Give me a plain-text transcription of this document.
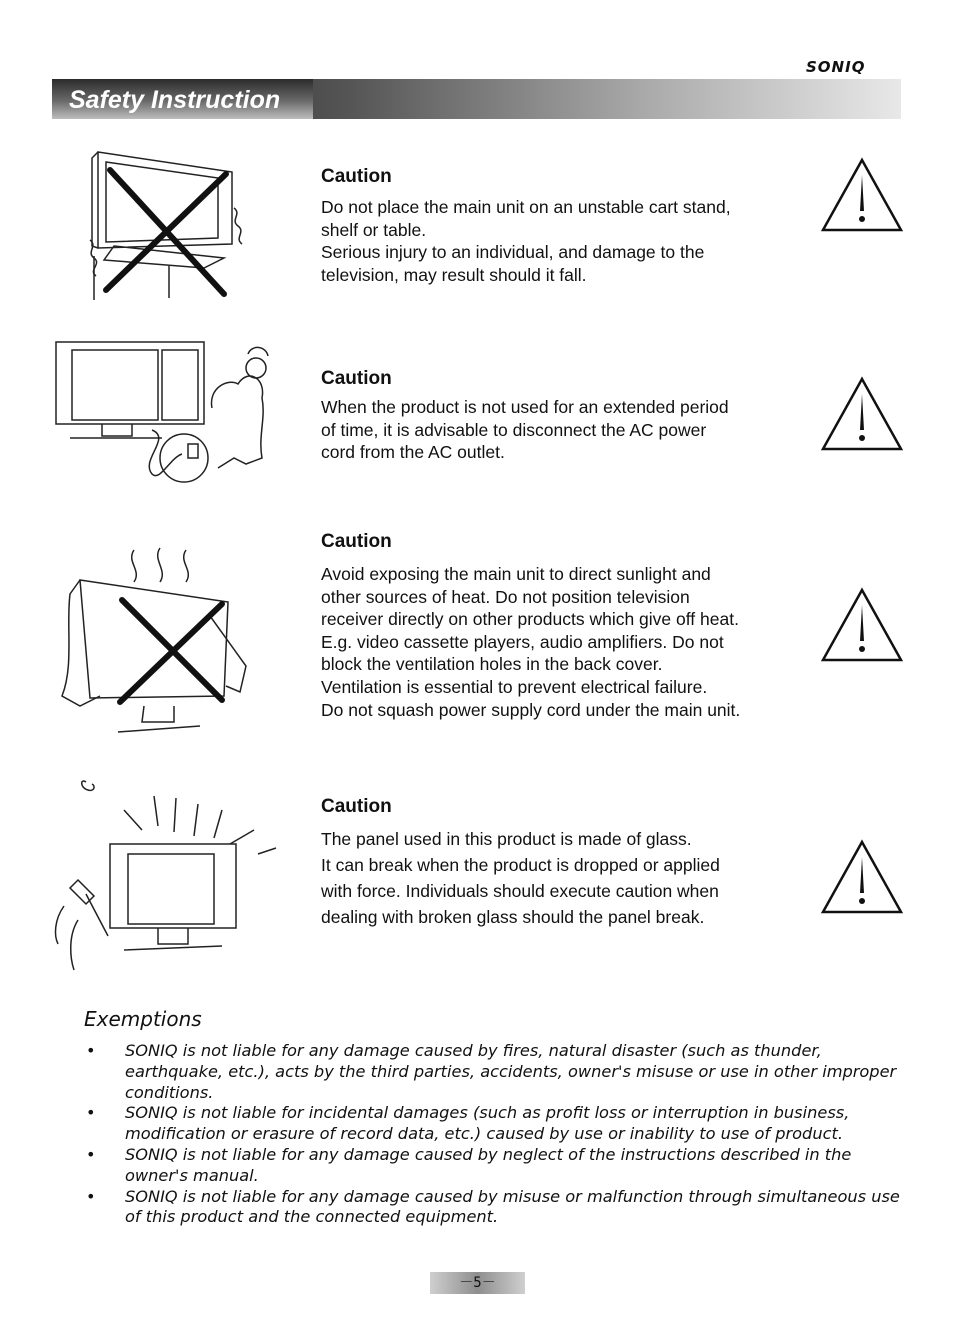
SONIQ
Safety Instruction
Caution

Do not place the main unit on an unstable cart stand,

shelf or table.

Serious injury to an individual, and damage to the

television, may result should it fall.

Caution

When the product is not used for an extended period

of time, it is advisable to disconnect the AC power

cord from the AC outlet.

Caution

Avoid exposing the main unit to direct sunlight and

other sources of heat. Do not position television

receiver directly on other products which give off heat.

E.g. video cassette players, audio amplifiers. Do not

block the ventilation holes in the back cover.

Ventilation is essential to prevent electrical failure.

Do not squash power supply cord under the main unit.

Caution

The panel used in this product is made of glass.

It can break when the product is dropped or applied

with force. Individuals should execute caution when

dealing with broken glass should the panel break.

Exemptions
• SONIQ is not liable for any damage caused by fires, natural disaster (such as thunder, earthquake, etc.), acts by the third parties, accidents, owner's misuse or use in other improper conditions.
• SONIQ is not liable for incidental damages (such as profit loss or interruption in business, modification or erasure of record data, etc.) caused by use or inability to use of product.
• SONIQ is not liable for any damage caused by neglect of the instructions described in the owner's manual.
• SONIQ is not liable for any damage caused by misuse or malfunction through simultaneous use of this product and the connected equipment.
－5－
